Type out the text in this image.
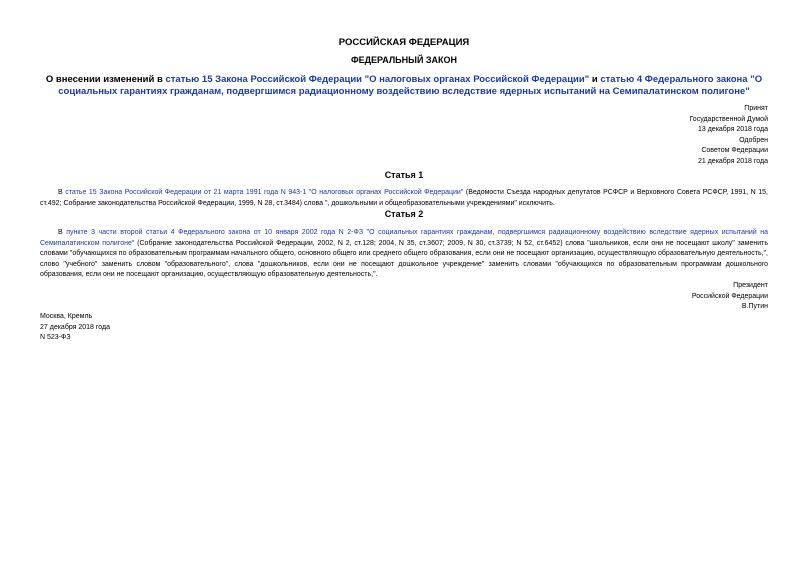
РОССИЙСКАЯ ФЕДЕРАЦИЯ
ФЕДЕРАЛЬНЫЙ ЗАКОН
О внесении изменений в статью 15 Закона Российской Федерации "О налоговых органах Российской Федерации" и статью 4 Федерального закона "О социальных гарантиях гражданам, подвергшимся радиационному воздействию вследствие ядерных испытаний на Семипалатинском полигоне"
Принят
Государственной Думой
13 декабря 2018 года
Одобрен
Советом Федерации
21 декабря 2018 года
Статья 1
В статье 15 Закона Российской Федерации от 21 марта 1991 года N 943-1 "О налоговых органах Российской Федерации" (Ведомости Съезда народных депутатов РСФСР и Верховного Совета РСФСР, 1991, N 15, ст.492; Собрание законодательства Российской Федерации, 1999, N 28, ст.3484) слова ", дошкольными и общеобразовательными учреждениями" исключить.
Статья 2
В пункте 3 части второй статьи 4 Федерального закона от 10 января 2002 года N 2-ФЗ "О социальных гарантиях гражданам, подвергшимся радиационному воздействию вследствие ядерных испытаний на Семипалатинском полигоне" (Собрание законодательства Российской Федерации, 2002, N 2, ст.128; 2004, N 35, ст.3607; 2009, N 30, ст.3739; N 52, ст.6452) слова "школьников, если они не посещают школу" заменить словами "обучающихся по образовательным программам начального общего, основного общего или среднего общего образования, если они не посещают организацию, осуществляющую образовательную деятельность,", слово "учебного" заменить словом "образовательного", слова "дошкольников, если они не посещают дошкольное учреждение" заменить словами "обучающихся по образовательным программам дошкольного образования, если они не посещают организацию, осуществляющую образовательную деятельность,".
Президент
Российской Федерации
В.Путин
Москва, Кремль
27 декабря 2018 года
N 523-ФЗ
